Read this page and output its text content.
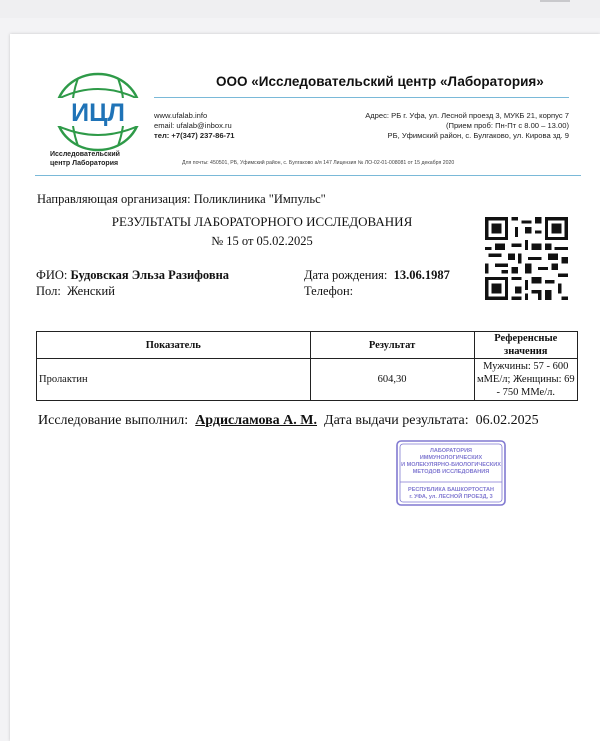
ИЦЛ
Исследовательский
центр Лаборатория
ООО «Исследовательский центр «Лаборатория»
www.ufalab.info
email: ufalab@inbox.ru
тел: +7(347) 237-86-71
Адрес: РБ г. Уфа, ул. Лесной проезд 3, МУКБ 21, корпус 7
(Прием проб: Пн-Пт с 8.00 – 13.00)
РБ, Уфимский район, с. Булгаково, ул. Кирова зд. 9
Для почты: 450501, РБ, Уфимский район, с. Булгаково а/я 147 Лицензия № ЛО-02-01-008081 от 15 декабря 2020
Направляющая организация: Поликлиника "Импульс"
РЕЗУЛЬТАТЫ ЛАБОРАТОРНОГО ИССЛЕДОВАНИЯ
№ 15 от 05.02.2025
ФИО: Будовская Эльза Разифовна
Пол: Женский
Дата рождения: 13.06.1987
Телефон:
Показатель	Результат	Референсные значения
Пролактин	604,30	Мужчины: 57 - 600 мМЕ/л; Женщины: 69 - 750 ММе/л.
Исследование выполнил: Ардислaмова А. М. Дата выдачи результата: 06.02.2025
ЛАБОРАТОРИЯ
ИММУНОЛОГИЧЕСКИХ
И МОЛЕКУЛЯРНО-БИОЛОГИЧЕСКИХ
МЕТОДОВ ИССЛЕДОВАНИЯ
РЕСПУБЛИКА БАШКОРТОСТАН
г. УФА, ул. ЛЕСНОЙ ПРОЕЗД, 3
